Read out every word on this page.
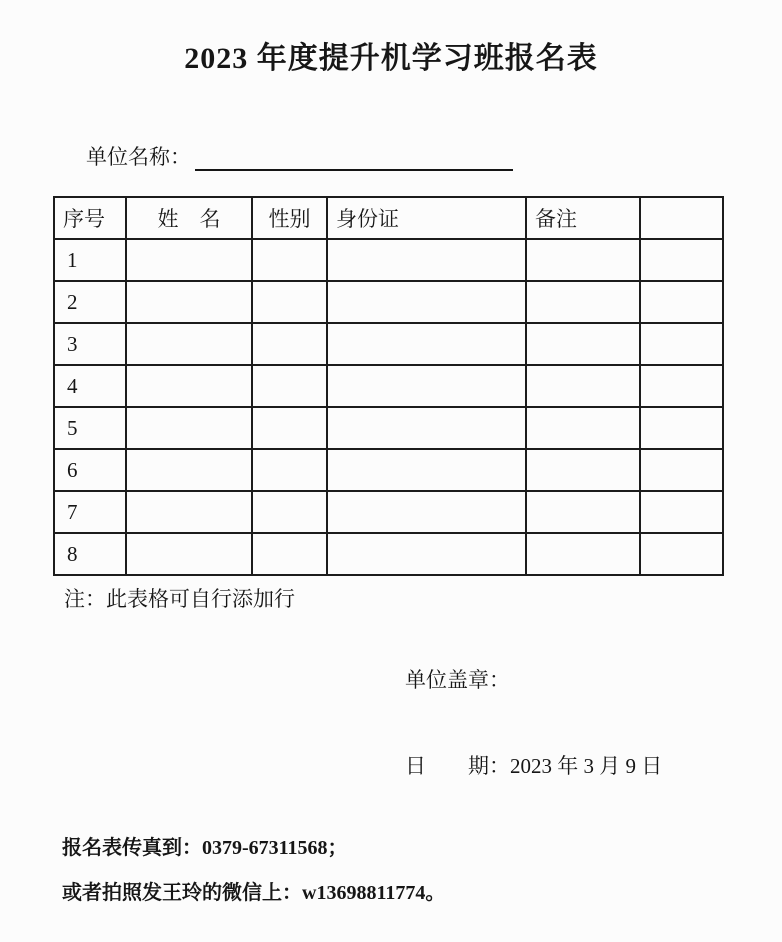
2023 年度提升机学习班报名表

单位名称：

序号	姓　名	性别	身份证	备注	
1					
2					
3					
4					
5					
6					
7					
8					
注：此表格可自行添加行
单位盖章：
日　　期：2023 年 3 月 9 日
报名表传真到：0379-67311568；
或者拍照发王玲的微信上：w13698811774。
